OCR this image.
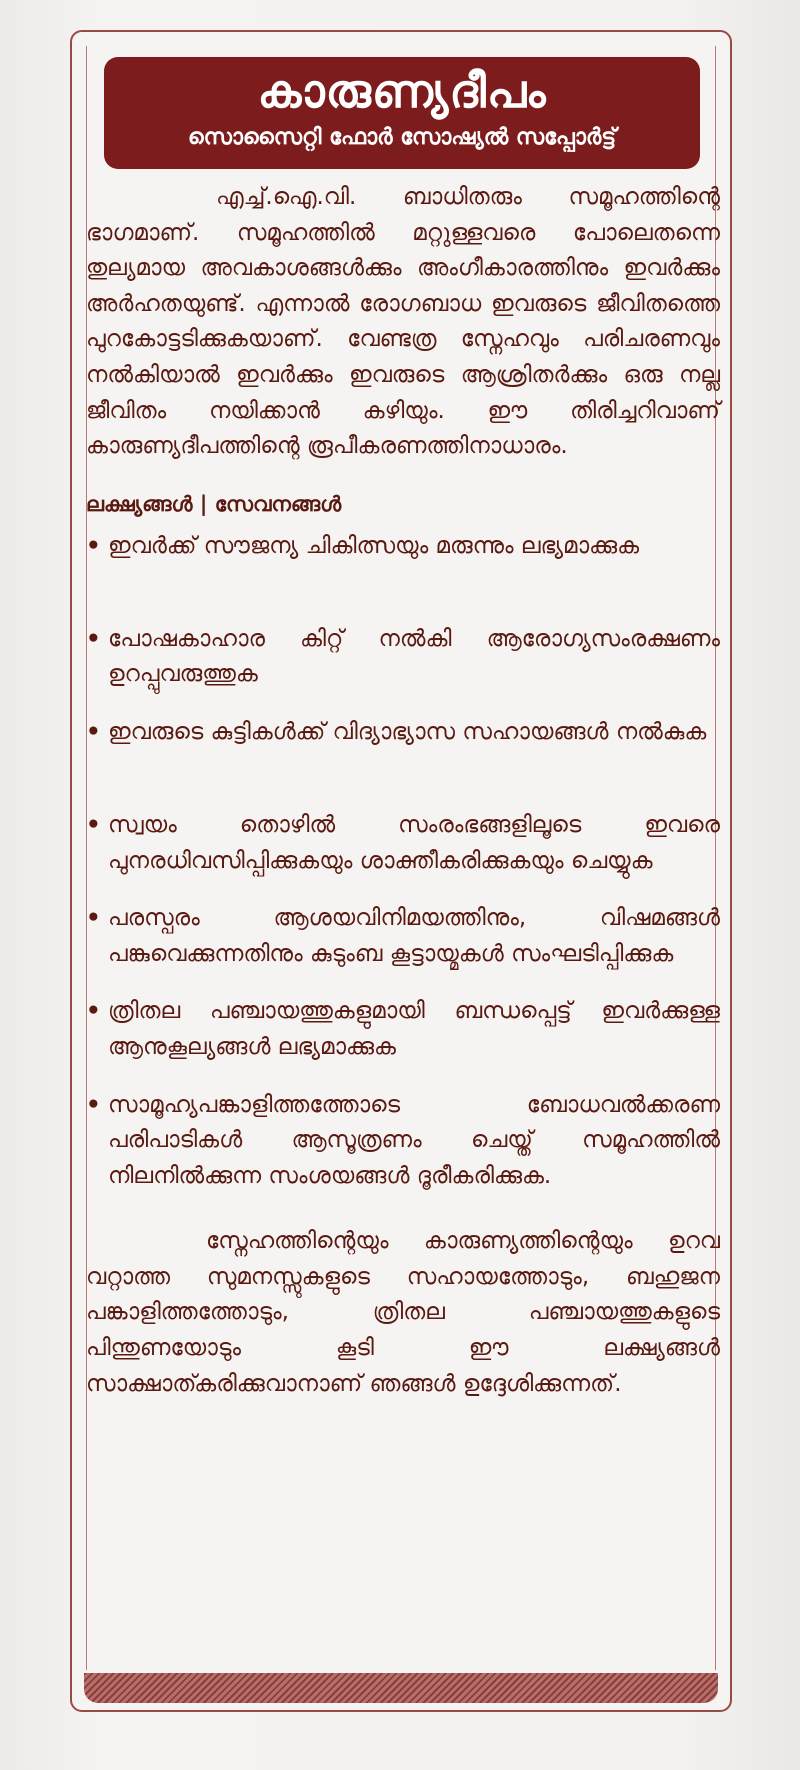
കാരുണ്യദീപം
സൊസൈറ്റി ഫോർ സോഷ്യൽ സപ്പോർട്ട്

എച്ച്.ഐ.വി. ബാധിതരും സമൂഹത്തിന്റെ ഭാഗമാണ്. സമൂഹത്തിൽ മറ്റുള്ളവരെ പോലെതന്നെ തുല്യമായ അവകാശങ്ങൾക്കും അംഗീകാരത്തിനും ഇവർക്കും അർഹതയുണ്ട്. എന്നാൽ രോഗബാധ ഇവരുടെ ജീവിതത്തെ പുറകോട്ടടിക്കുകയാണ്. വേണ്ടത്ര സ്നേഹവും പരിചരണവും നൽകിയാൽ ഇവർക്കും ഇവരുടെ ആശ്രിതർക്കും ഒരു നല്ല ജീവിതം നയിക്കാൻ കഴിയും. ഈ തിരിച്ചറിവാണ് കാരുണ്യദീപത്തിന്റെ രൂപീകരണത്തിനാധാരം.

ലക്ഷ്യങ്ങൾ | സേവനങ്ങൾ
• ഇവർക്ക് സൗജന്യ ചികിത്സയും മരുന്നും ലഭ്യമാക്കുക
• പോഷകാഹാര കിറ്റ് നൽകി ആരോഗ്യസംരക്ഷണം ഉറപ്പുവരുത്തുക
• ഇവരുടെ കുട്ടികൾക്ക് വിദ്യാഭ്യാസ സഹായങ്ങൾ നൽകുക
• സ്വയം തൊഴിൽ സംരംഭങ്ങളിലൂടെ ഇവരെ പുനരധിവസിപ്പിക്കുകയും ശാക്തീകരിക്കുകയും ചെയ്യുക
• പരസ്പരം ആശയവിനിമയത്തിനും, വിഷമങ്ങൾ പങ്കുവെക്കുന്നതിനും കുടുംബ കൂട്ടായ്മകൾ സംഘടിപ്പിക്കുക
• ത്രിതല പഞ്ചായത്തുകളുമായി ബന്ധപ്പെട്ട് ഇവർക്കുള്ള ആനുകൂല്യങ്ങൾ ലഭ്യമാക്കുക
• സാമൂഹ്യപങ്കാളിത്തത്തോടെ ബോധവൽക്കരണ പരിപാടികൾ ആസൂത്രണം ചെയ്ത് സമൂഹത്തിൽ നിലനിൽക്കുന്ന സംശയങ്ങൾ ദൂരീകരിക്കുക.

സ്നേഹത്തിന്റെയും കാരുണ്യത്തിന്റെയും ഉറവ വറ്റാത്ത സുമനസ്സുകളുടെ സഹായത്തോടും, ബഹുജന പങ്കാളിത്തത്തോടും, ത്രിതല പഞ്ചായത്തുകളുടെ പിന്തുണയോടും കൂടി ഈ ലക്ഷ്യങ്ങൾ സാക്ഷാത്കരിക്കുവാനാണ് ഞങ്ങൾ ഉദ്ദേശിക്കുന്നത്.
